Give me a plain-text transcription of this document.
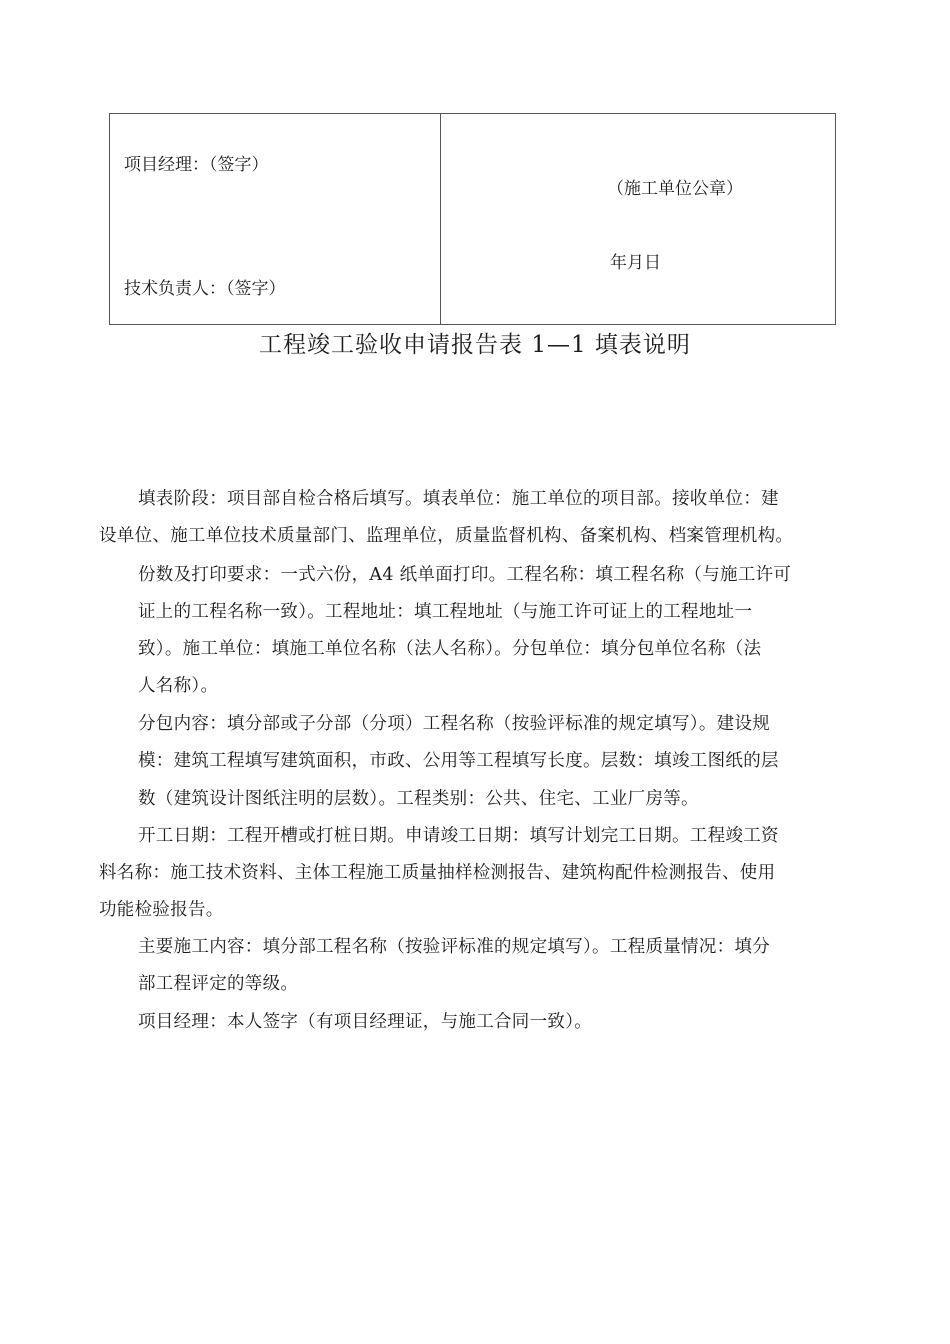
项目经理：（签字）
技术负责人：（签字）
（施工单位公章）
年月日
工程竣工验收申请报告表 1—1 填表说明
填表阶段：项目部自检合格后填写。填表单位：施工单位的项目部。接收单位：建
设单位、施工单位技术质量部门、监理单位，质量监督机构、备案机构、档案管理机构。
份数及打印要求：一式六份，A4 纸单面打印。工程名称：填工程名称（与施工许可
证上的工程名称一致）。工程地址：填工程地址（与施工许可证上的工程地址一
致）。施工单位：填施工单位名称（法人名称）。分包单位：填分包单位名称（法
人名称）。
分包内容：填分部或子分部（分项）工程名称（按验评标准的规定填写）。建设规
模：建筑工程填写建筑面积，市政、公用等工程填写长度。层数：填竣工图纸的层
数（建筑设计图纸注明的层数）。工程类别：公共、住宅、工业厂房等。
开工日期：工程开槽或打桩日期。申请竣工日期：填写计划完工日期。工程竣工资
料名称：施工技术资料、主体工程施工质量抽样检测报告、建筑构配件检测报告、使用
功能检验报告。
主要施工内容：填分部工程名称（按验评标准的规定填写）。工程质量情况：填分
部工程评定的等级。
项目经理：本人签字（有项目经理证，与施工合同一致）。
